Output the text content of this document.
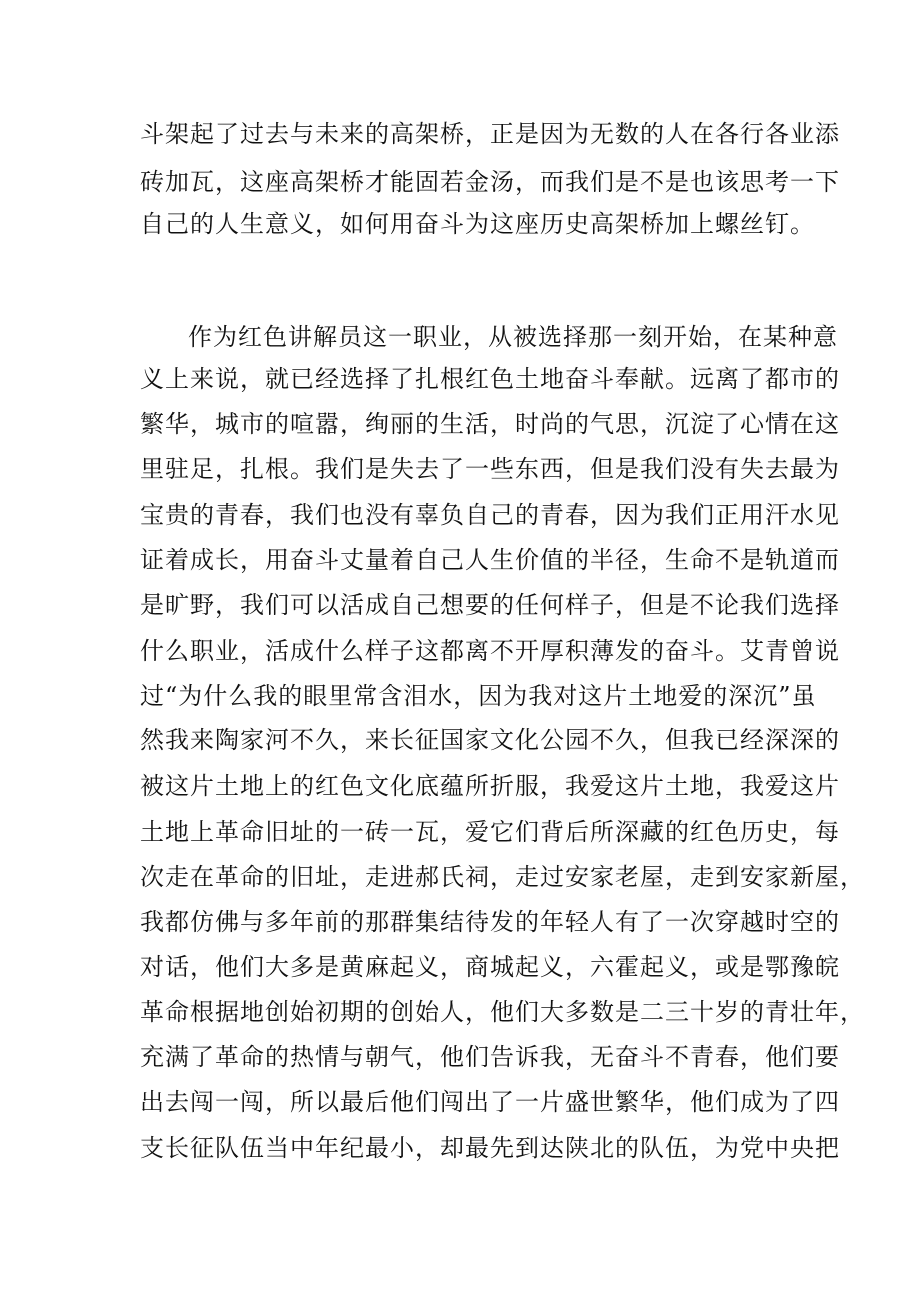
斗架起了过去与未来的高架桥，正是因为无数的人在各行各业添
砖加瓦，这座高架桥才能固若金汤，而我们是不是也该思考一下
自己的人生意义，如何用奋斗为这座历史高架桥加上螺丝钉。
作为红色讲解员这一职业，从被选择那一刻开始，在某种意
义上来说，就已经选择了扎根红色土地奋斗奉献。远离了都市的
繁华，城市的喧嚣，绚丽的生活，时尚的气思，沉淀了心情在这
里驻足，扎根。我们是失去了一些东西，但是我们没有失去最为
宝贵的青春，我们也没有辜负自己的青春，因为我们正用汗水见
证着成长，用奋斗丈量着自己人生价值的半径，生命不是轨道而
是旷野，我们可以活成自己想要的任何样子，但是不论我们选择
什么职业，活成什么样子这都离不开厚积薄发的奋斗。艾青曾说
过“为什么我的眼里常含泪水，因为我对这片土地爱的深沉”虽
然我来陶家河不久，来长征国家文化公园不久，但我已经深深的
被这片土地上的红色文化底蕴所折服，我爱这片土地，我爱这片
土地上革命旧址的一砖一瓦，爱它们背后所深藏的红色历史，每
次走在革命的旧址，走进郝氏祠，走过安家老屋，走到安家新屋，
我都仿佛与多年前的那群集结待发的年轻人有了一次穿越时空的
对话，他们大多是黄麻起义，商城起义，六霍起义，或是鄂豫皖
革命根据地创始初期的创始人，他们大多数是二三十岁的青壮年，
充满了革命的热情与朝气，他们告诉我，无奋斗不青春，他们要
出去闯一闯，所以最后他们闯出了一片盛世繁华，他们成为了四
支长征队伍当中年纪最小，却最先到达陕北的队伍，为党中央把
